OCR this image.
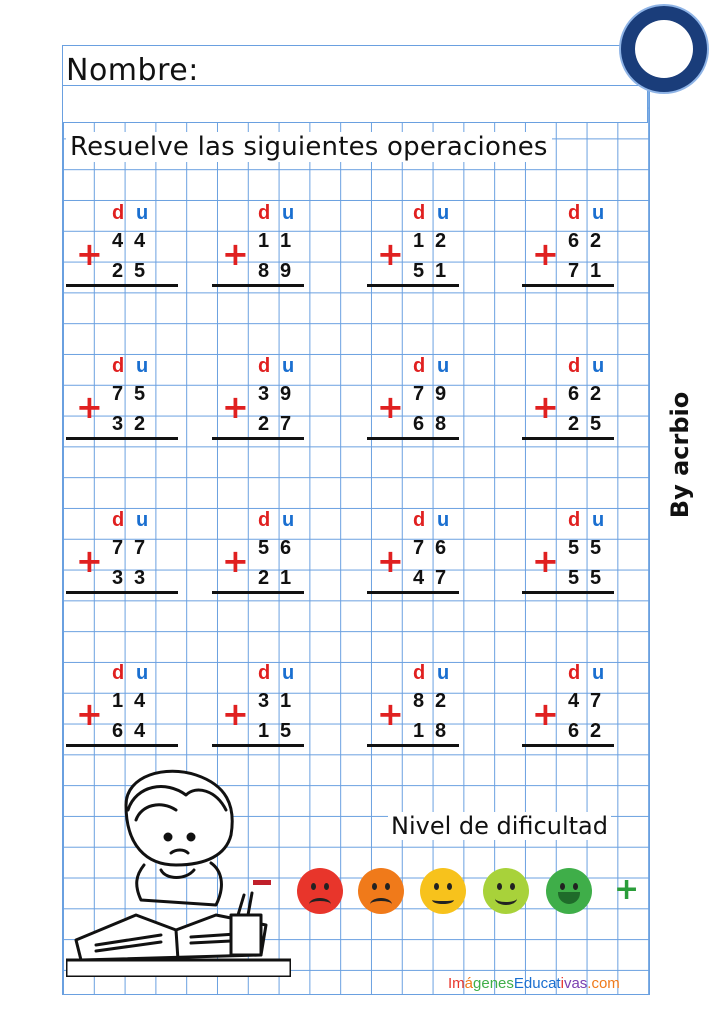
Nombre:
Resuelve las siguientes operaciones
d u
4 4
2 5
+
d u
1 1
8 9
+
d u
1 2
5 1
+
d u
6 2
7 1
+
d u
7 5
3 2
+
d u
3 9
2 7
+
d u
7 9
6 8
+
d u
6 2
2 5
+
d u
7 7
3 3
+
d u
5 6
2 1
+
d u
7 6
4 7
+
d u
5 5
5 5
+
d u
1 4
6 4
+
d u
3 1
1 5
+
d u
8 2
1 8
+
d u
4 7
6 2
+
By acrbio
Nivel de dificultad
+
ImágenesEducativas.com
